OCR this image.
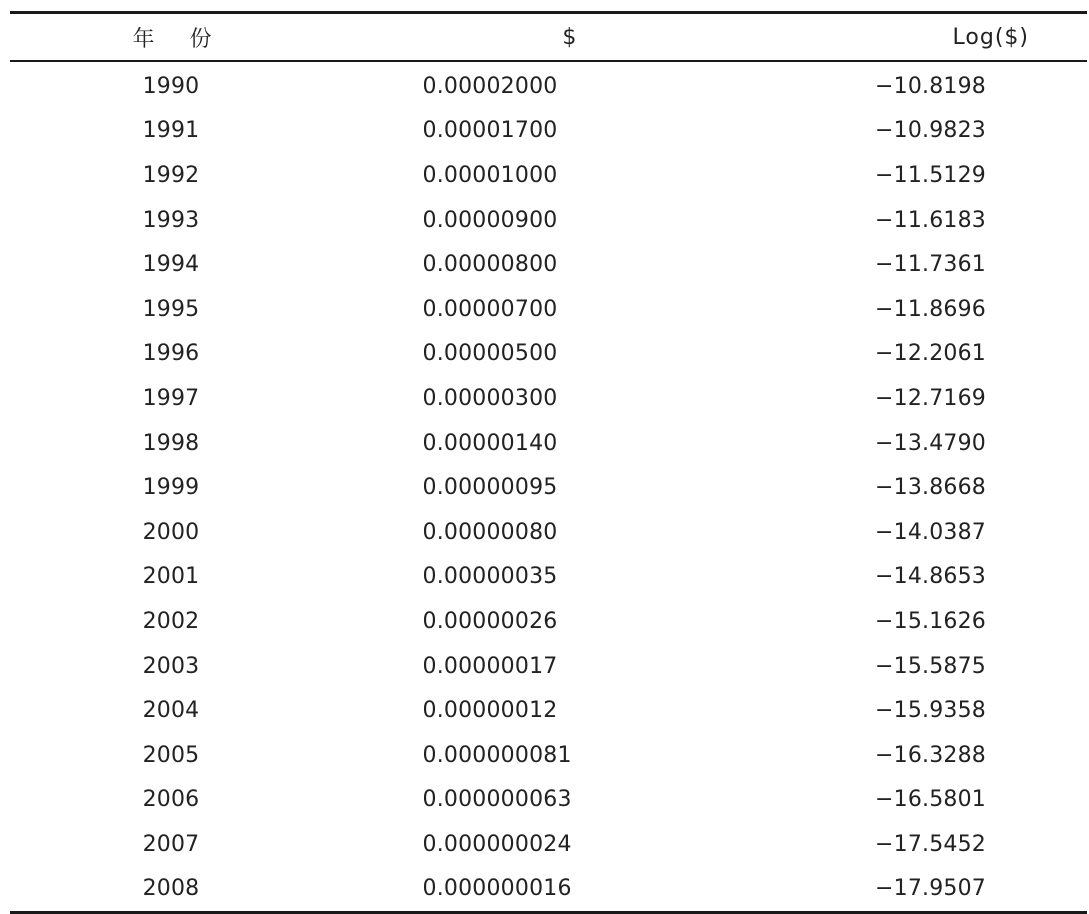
年 份	$	Log($)
1990	0.00002000	−10.8198
1991	0.00001700	−10.9823
1992	0.00001000	−11.5129
1993	0.00000900	−11.6183
1994	0.00000800	−11.7361
1995	0.00000700	−11.8696
1996	0.00000500	−12.2061
1997	0.00000300	−12.7169
1998	0.00000140	−13.4790
1999	0.00000095	−13.8668
2000	0.00000080	−14.0387
2001	0.00000035	−14.8653
2002	0.00000026	−15.1626
2003	0.00000017	−15.5875
2004	0.00000012	−15.9358
2005	0.000000081	−16.3288
2006	0.000000063	−16.5801
2007	0.000000024	−17.5452
2008	0.000000016	−17.9507
